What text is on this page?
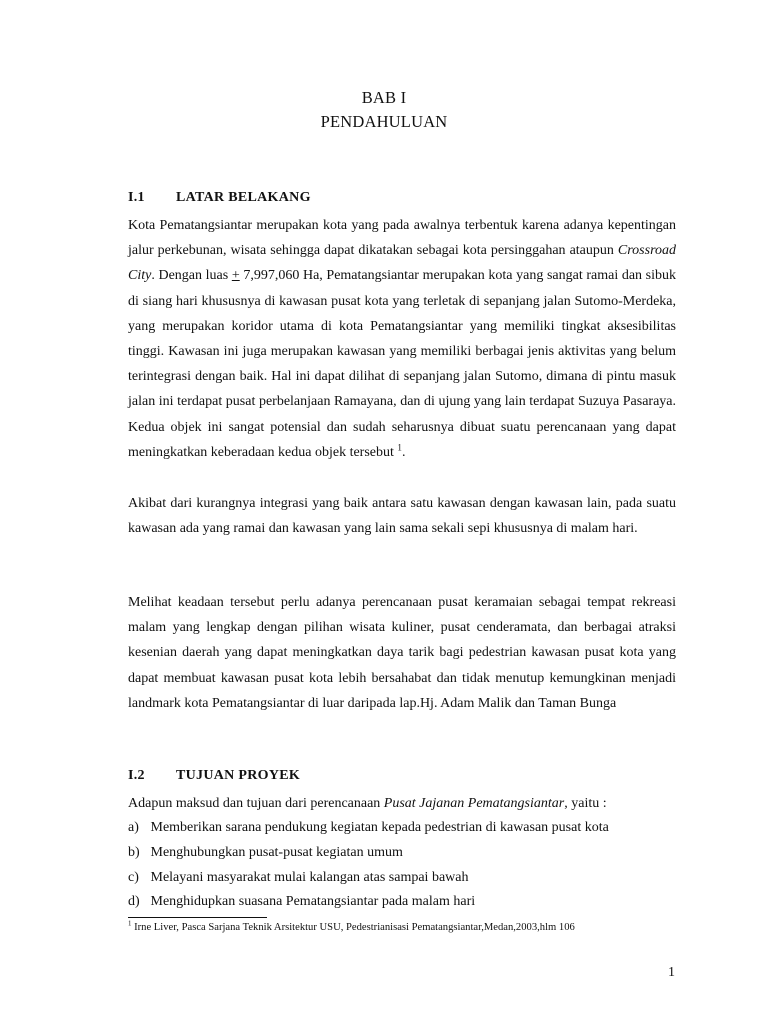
BAB I
PENDAHULUAN
I.1 LATAR BELAKANG
Kota Pematangsiantar merupakan kota yang pada awalnya terbentuk karena adanya kepentingan jalur perkebunan, wisata sehingga dapat dikatakan sebagai kota persinggahan ataupun Crossroad City. Dengan luas + 7,997,060 Ha, Pematangsiantar merupakan kota yang sangat ramai dan sibuk di siang hari khususnya di kawasan pusat kota yang terletak di sepanjang jalan Sutomo-Merdeka, yang merupakan koridor utama di kota Pematangsiantar yang memiliki tingkat aksesibilitas tinggi. Kawasan ini juga merupakan kawasan yang memiliki berbagai jenis aktivitas yang belum terintegrasi dengan baik. Hal ini dapat dilihat di sepanjang jalan Sutomo, dimana di pintu masuk jalan ini terdapat pusat perbelanjaan Ramayana, dan di ujung yang lain terdapat Suzuya Pasaraya. Kedua objek ini sangat potensial dan sudah seharusnya dibuat suatu perencanaan yang dapat meningkatkan keberadaan kedua objek tersebut $^1$.
Akibat dari kurangnya integrasi yang baik antara satu kawasan dengan kawasan lain, pada suatu kawasan ada yang ramai dan kawasan yang lain sama sekali sepi khususnya di malam hari.
Melihat keadaan tersebut perlu adanya perencanaan pusat keramaian sebagai tempat rekreasi malam yang lengkap dengan pilihan wisata kuliner, pusat cenderamata, dan berbagai atraksi kesenian daerah yang dapat meningkatkan daya tarik bagi pedestrian kawasan pusat kota yang dapat membuat kawasan pusat kota lebih bersahabat dan tidak menutup kemungkinan menjadi landmark kota Pematangsiantar di luar daripada lap.Hj. Adam Malik dan Taman Bunga
I.2 TUJUAN PROYEK
Adapun maksud dan tujuan dari perencanaan Pusat Jajanan Pematangsiantar, yaitu :
a) Memberikan sarana pendukung kegiatan kepada pedestrian di kawasan pusat kota
b) Menghubungkan pusat-pusat kegiatan umum
c) Melayani masyarakat mulai kalangan atas sampai bawah
d) Menghidupkan suasana Pematangsiantar pada malam hari
$^1$ Irne Liver, Pasca Sarjana Teknik Arsitektur USU, Pedestrianisasi Pematangsiantar,Medan,2003,hlm 106
1
